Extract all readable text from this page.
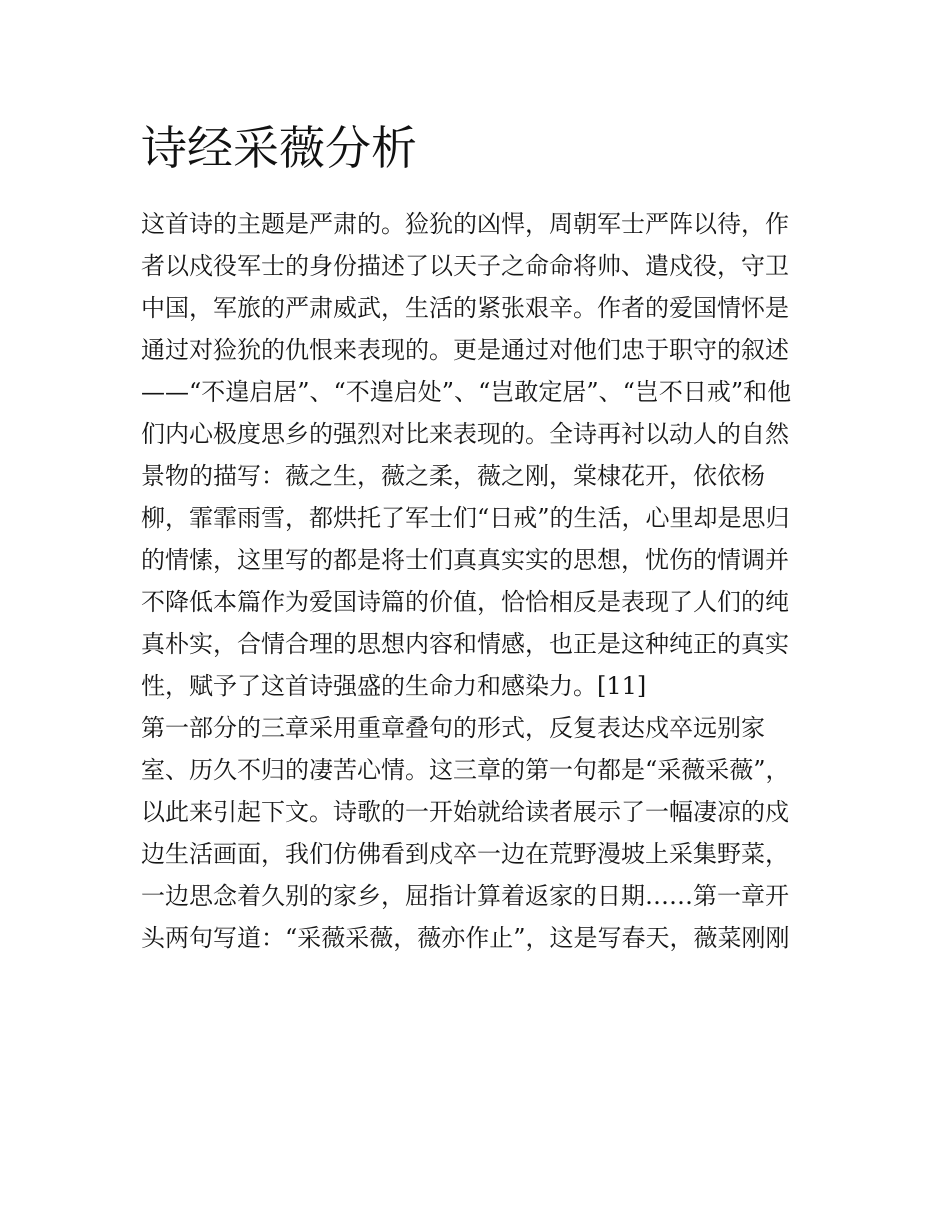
诗经采薇分析
这首诗的主题是严肃的。猃狁的凶悍，周朝军士严阵以待，作
者以戍役军士的身份描述了以天子之命命将帅、遣戍役，守卫
中国，军旅的严肃威武，生活的紧张艰辛。作者的爱国情怀是
通过对猃狁的仇恨来表现的。更是通过对他们忠于职守的叙述
——“不遑启居”、“不遑启处”、“岂敢定居”、“岂不日戒”和他
们内心极度思乡的强烈对比来表现的。全诗再衬以动人的自然
景物的描写：薇之生，薇之柔，薇之刚，棠棣花开，依依杨
柳，霏霏雨雪，都烘托了军士们“日戒”的生活，心里却是思归
的情愫，这里写的都是将士们真真实实的思想，忧伤的情调并
不降低本篇作为爱国诗篇的价值，恰恰相反是表现了人们的纯
真朴实，合情合理的思想内容和情感，也正是这种纯正的真实
性，赋予了这首诗强盛的生命力和感染力。[11]
第一部分的三章采用重章叠句的形式，反复表达戍卒远别家
室、历久不归的凄苦心情。这三章的第一句都是“采薇采薇”，
以此来引起下文。诗歌的一开始就给读者展示了一幅凄凉的戍
边生活画面，我们仿佛看到戍卒一边在荒野漫坡上采集野菜，
一边思念着久别的家乡，屈指计算着返家的日期……第一章开
头两句写道：“采薇采薇，薇亦作止”，这是写春天，薇菜刚刚
